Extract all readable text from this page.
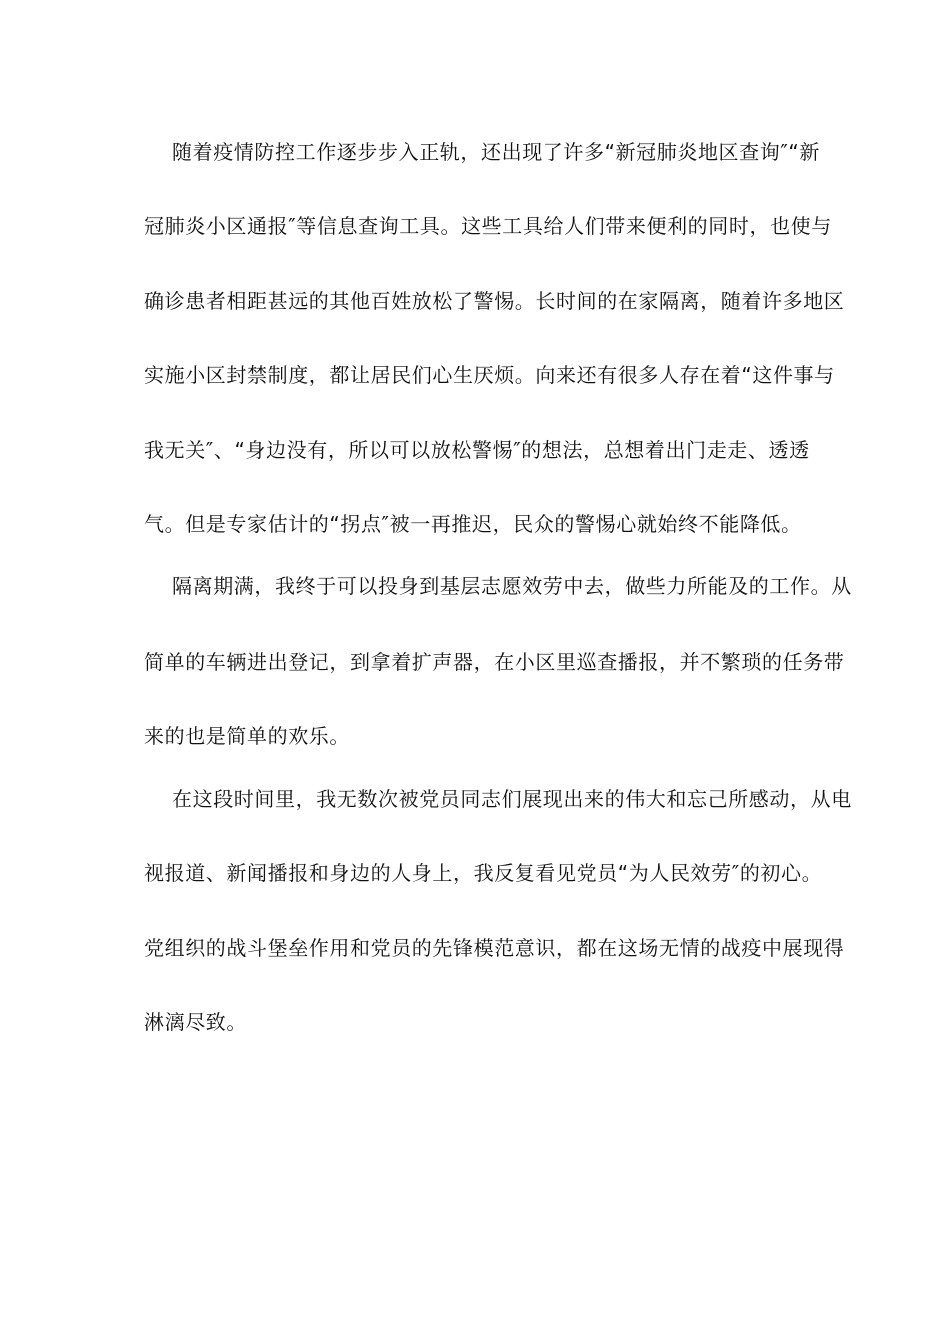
随着疫情防控工作逐步步入正轨，还出现了许多“新冠肺炎地区查询″“新
冠肺炎小区通报″等信息查询工具。这些工具给人们带来便利的同时，也使与
确诊患者相距甚远的其他百姓放松了警惕。长时间的在家隔离，随着许多地区
实施小区封禁制度，都让居民们心生厌烦。向来还有很多人存在着“这件事与
我无关″、“身边没有，所以可以放松警惕″的想法，总想着出门走走、透透
气。但是专家估计的“拐点″被一再推迟，民众的警惕心就始终不能降低。
隔离期满，我终于可以投身到基层志愿效劳中去，做些力所能及的工作。从
简单的车辆进出登记，到拿着扩声器，在小区里巡查播报，并不繁琐的任务带
来的也是简单的欢乐。
在这段时间里，我无数次被党员同志们展现出来的伟大和忘己所感动，从电
视报道、新闻播报和身边的人身上，我反复看见党员“为人民效劳″的初心。
党组织的战斗堡垒作用和党员的先锋模范意识，都在这场无情的战疫中展现得
淋漓尽致。
